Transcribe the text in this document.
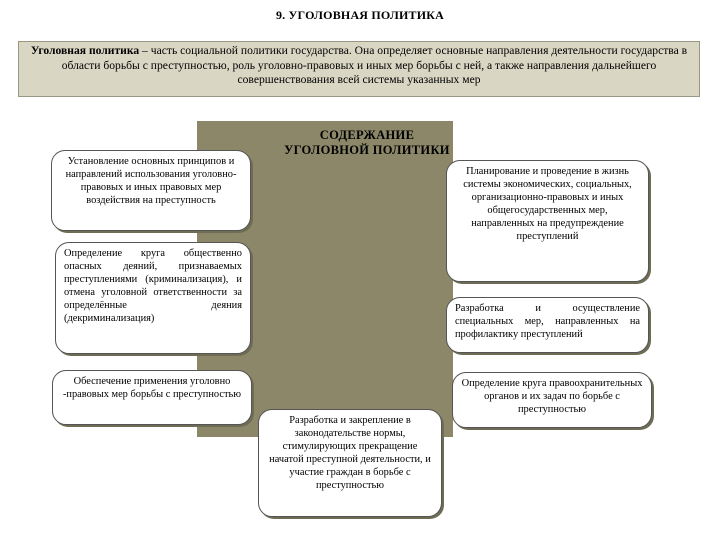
9. УГОЛОВНАЯ ПОЛИТИКА
Уголовная политика – часть социальной политики государства. Она определяет основные направления деятельности государства в области борьбы с преступностью, роль уголовно-правовых и иных мер борьбы с ней, а также направления дальнейшего совершенствования всей системы указанных мер
СОДЕРЖАНИЕ
УГОЛОВНОЙ ПОЛИТИКИ
Установление основных принципов и направлений использования уголовно-правовых и иных правовых мер воздействия на преступность
Определение круга общественно опасных деяний, признаваемых преступлениями (криминализация), и отмена уголовной ответственности за определённые деяния (декриминализация)
Обеспечение применения уголовно -правовых мер борьбы с преступностью
Планирование и проведение в жизнь системы экономических, социальных, организационно-правовых и иных общегосударственных мер, направленных на предупреждение преступлений
Разработка и осуществление специальных мер, направленных на профилактику преступлений
Определение круга правоохранительных органов и их задач по борьбе с преступностью
Разработка и закрепление в законодательстве нормы, стимулирующих прекращение начатой преступной деятельности, и участие граждан в борьбе с преступностью
